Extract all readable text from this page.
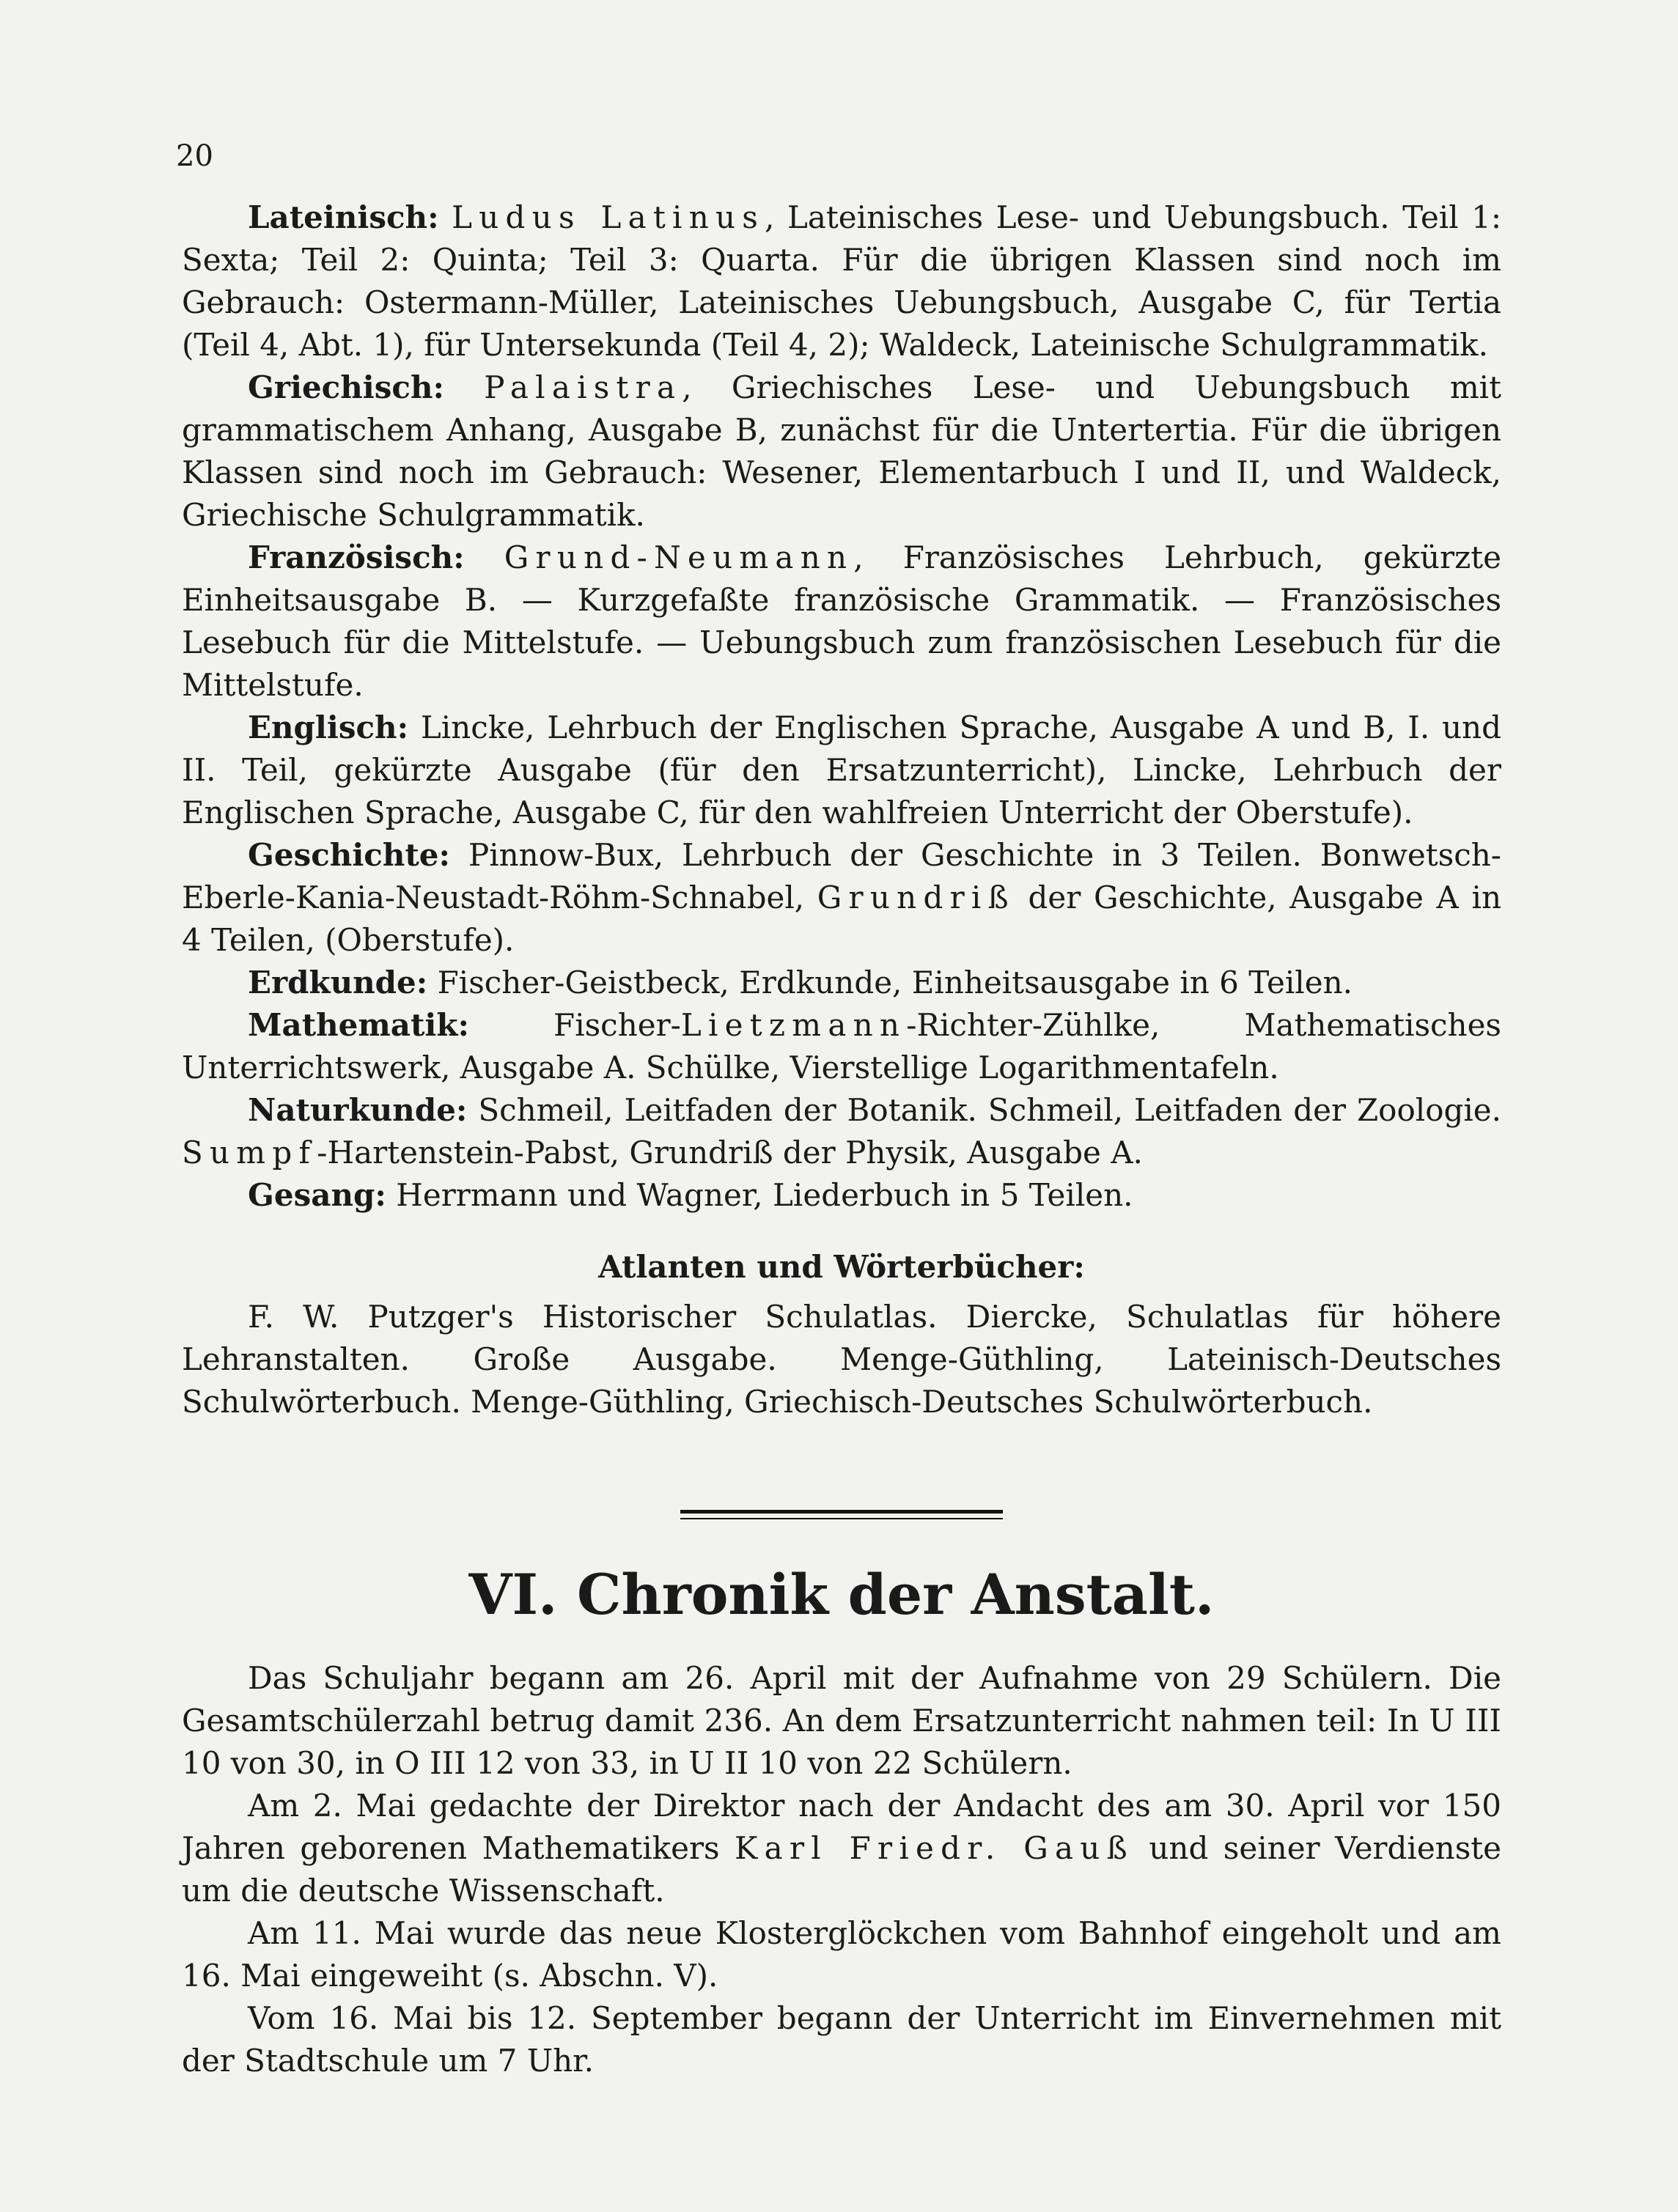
20

Lateinisch: Ludus Latinus, Lateinisches Lese- und Uebungsbuch. Teil 1: Sexta; Teil 2: Quinta; Teil 3: Quarta. Für die übrigen Klassen sind noch im Gebrauch: Ostermann-Müller, Lateinisches Uebungsbuch, Ausgabe C, für Tertia (Teil 4, Abt. 1), für Untersekunda (Teil 4, 2); Waldeck, Lateinische Schulgrammatik.

Griechisch: Palaistra, Griechisches Lese- und Uebungsbuch mit grammatischem Anhang, Ausgabe B, zunächst für die Untertertia. Für die übrigen Klassen sind noch im Gebrauch: Wesener, Elementarbuch I und II, und Waldeck, Griechische Schulgrammatik.

Französisch: Grund-Neumann, Französisches Lehrbuch, gekürzte Einheitsausgabe B. — Kurzgefaßte französische Grammatik. — Französisches Lesebuch für die Mittelstufe. — Uebungsbuch zum französischen Lesebuch für die Mittelstufe.

Englisch: Lincke, Lehrbuch der Englischen Sprache, Ausgabe A und B, I. und II. Teil, gekürzte Ausgabe (für den Ersatzunterricht), Lincke, Lehrbuch der Englischen Sprache, Ausgabe C, für den wahlfreien Unterricht der Oberstufe).

Geschichte: Pinnow-Bux, Lehrbuch der Geschichte in 3 Teilen. Bonwetsch-Eberle-Kania-Neustadt-Röhm-Schnabel, Grundriß der Geschichte, Ausgabe A in 4 Teilen, (Oberstufe).

Erdkunde: Fischer-Geistbeck, Erdkunde, Einheitsausgabe in 6 Teilen.

Mathematik: Fischer-Lietzmann-Richter-Zühlke, Mathematisches Unterrichtswerk, Ausgabe A. Schülke, Vierstellige Logarithmentafeln.

Naturkunde: Schmeil, Leitfaden der Botanik. Schmeil, Leitfaden der Zoologie. Sumpf-Hartenstein-Pabst, Grundriß der Physik, Ausgabe A.

Gesang: Herrmann und Wagner, Liederbuch in 5 Teilen.

Atlanten und Wörterbücher:

F. W. Putzger's Historischer Schulatlas. Diercke, Schulatlas für höhere Lehranstalten. Große Ausgabe. Menge-Güthling, Lateinisch-Deutsches Schulwörterbuch. Menge-Güthling, Griechisch-Deutsches Schulwörterbuch.

VI. Chronik der Anstalt.

Das Schuljahr begann am 26. April mit der Aufnahme von 29 Schülern. Die Gesamtschülerzahl betrug damit 236. An dem Ersatzunterricht nahmen teil: In U III 10 von 30, in O III 12 von 33, in U II 10 von 22 Schülern.

Am 2. Mai gedachte der Direktor nach der Andacht des am 30. April vor 150 Jahren geborenen Mathematikers Karl Friedr. Gauß und seiner Verdienste um die deutsche Wissenschaft.

Am 11. Mai wurde das neue Klosterglöckchen vom Bahnhof eingeholt und am 16. Mai eingeweiht (s. Abschn. V).

Vom 16. Mai bis 12. September begann der Unterricht im Einvernehmen mit der Stadtschule um 7 Uhr.
